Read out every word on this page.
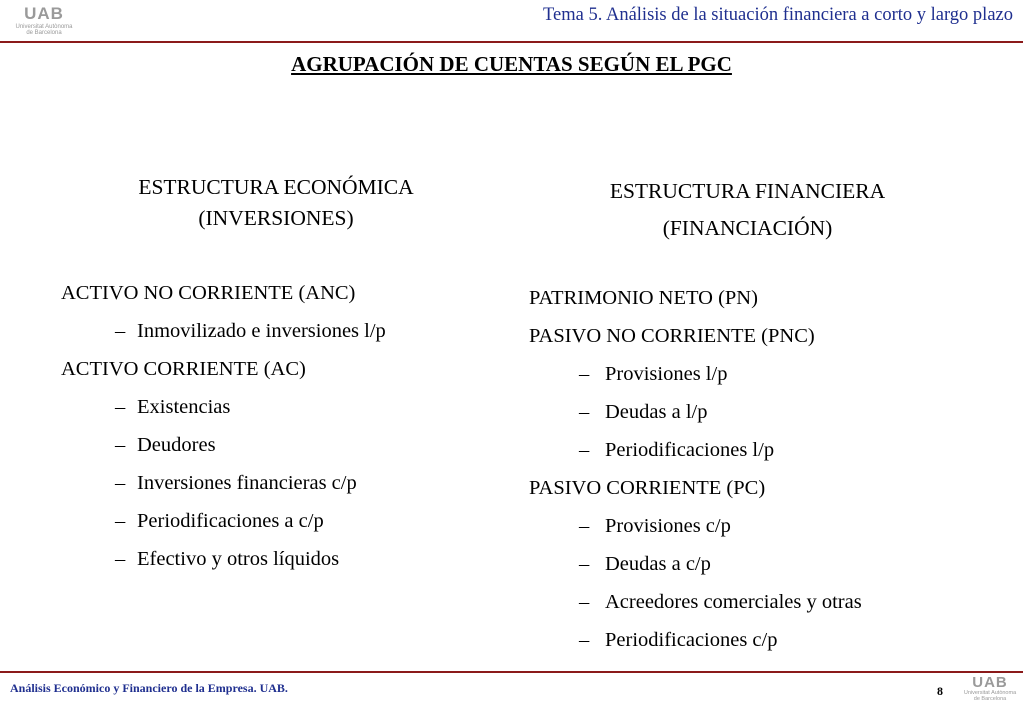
UAB
Universitat Autònoma
de Barcelona
Tema 5. Análisis de la situación financiera a corto y largo plazo
AGRUPACIÓN DE CUENTAS SEGÚN EL PGC
ESTRUCTURA ECONÓMICA
(INVERSIONES)
ESTRUCTURA FINANCIERA
(FINANCIACIÓN)
ACTIVO NO CORRIENTE (ANC)
– Inmovilizado e inversiones l/p
ACTIVO CORRIENTE (AC)
– Existencias
– Deudores
– Inversiones financieras c/p
– Periodificaciones a c/p
– Efectivo y otros líquidos
PATRIMONIO NETO (PN)
PASIVO NO CORRIENTE (PNC)
– Provisiones l/p
– Deudas a l/p
– Periodificaciones l/p
PASIVO CORRIENTE (PC)
– Provisiones c/p
– Deudas a c/p
– Acreedores comerciales y otras
– Periodificaciones c/p
Análisis Económico y Financiero de la Empresa. UAB.	8 UAB
Universitat Autònoma
de Barcelona
